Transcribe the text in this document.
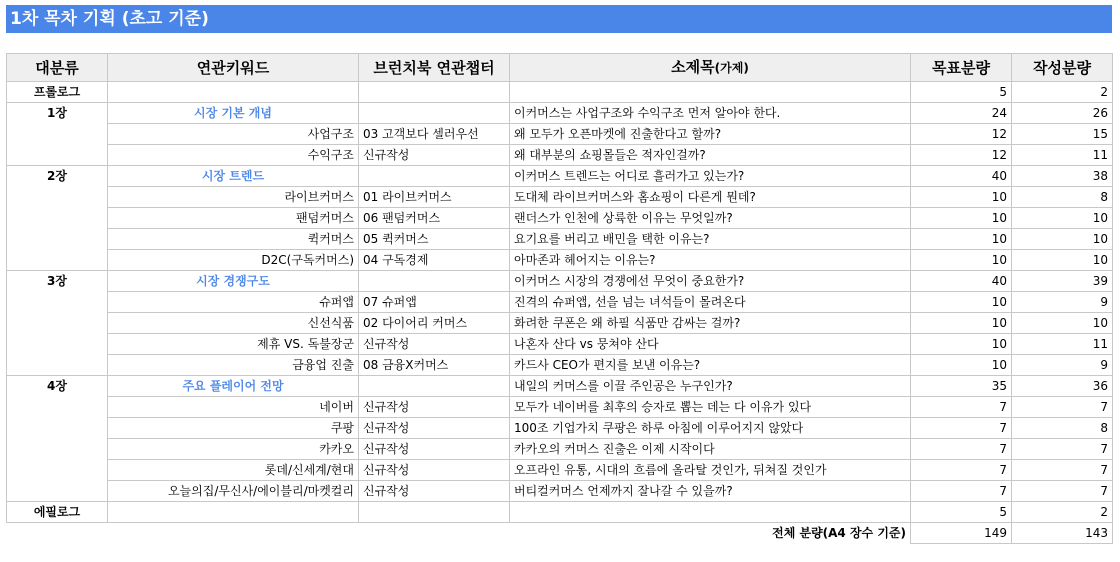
1차 목차 기획 (초고 기준)
대분류	연관키워드	브런치북 연관챕터	소제목(가제)	목표분량	작성분량
프롤로그				5	2
1장	시장 기본 개념		이커머스는 사업구조와 수익구조 먼저 알아야 한다.	24	26
	사업구조	03 고객보다 셀러우선	왜 모두가 오픈마켓에 진출한다고 할까?	12	15
	수익구조	신규작성	왜 대부분의 쇼핑몰들은 적자인걸까?	12	11
2장	시장 트렌드		이커머스 트렌드는 어디로 흘러가고 있는가?	40	38
	라이브커머스	01 라이브커머스	도대체 라이브커머스와 홈쇼핑이 다른게 뭔데?	10	8
	팬덤커머스	06 팬덤커머스	랜더스가 인천에 상륙한 이유는 무엇일까?	10	10
	퀵커머스	05 퀵커머스	요기요를 버리고 배민을 택한 이유는?	10	10
	D2C(구독커머스)	04 구독경제	아마존과 헤어지는 이유는?	10	10
3장	시장 경쟁구도		이커머스 시장의 경쟁에선 무엇이 중요한가?	40	39
	슈퍼앱	07 슈퍼앱	진격의 슈퍼앱, 선을 넘는 녀석들이 몰려온다	10	9
	신선식품	02 다이어리 커머스	화려한 쿠폰은 왜 하필 식품만 감싸는 걸까?	10	10
	제휴 VS. 독불장군	신규작성	나혼자 산다 vs 뭉쳐야 산다	10	11
	금융업 진출	08 금융X커머스	카드사 CEO가 편지를 보낸 이유는?	10	9
4장	주요 플레이어 전망		내일의 커머스를 이끌 주인공은 누구인가?	35	36
	네이버	신규작성	모두가 네이버를 최후의 승자로 뽑는 데는 다 이유가 있다	7	7
	쿠팡	신규작성	100조 기업가치 쿠팡은 하루 아침에 이루어지지 않았다	7	8
	카카오	신규작성	카카오의 커머스 진출은 이제 시작이다	7	7
	롯데/신세계/현대	신규작성	오프라인 유통, 시대의 흐름에 올라탈 것인가, 뒤쳐질 것인가	7	7
	오늘의집/무신사/에이블리/마켓컬리	신규작성	버티컬커머스 언제까지 잘나갈 수 있을까?	7	7
에필로그				5	2
			전체 분량(A4 장수 기준)	149	143
